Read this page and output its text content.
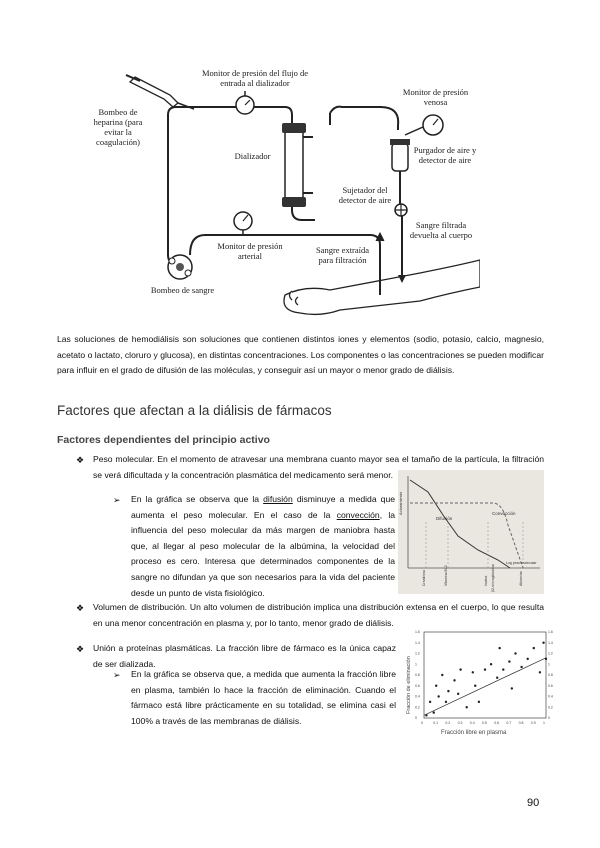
Bombeo de heparina (para evitar la coagulación)
Monitor de presión del flujo de entrada al dializador
Monitor de presión venosa
Dializador
Purgador de aire y detector de aire
Sujetador del detector de aire
Sangre filtrada devuelta al cuerpo
Monitor de presión arterial
Sangre extraída para filtración
Bombeo de sangre

Las soluciones de hemodiálisis son soluciones que contienen distintos iones y elementos (sodio, potasio, calcio, magnesio, acetato o lactato, cloruro y glucosa), en distintas concentraciones. Los componentes o las concentraciones se pueden modificar para influir en el grado de difusión de las moléculas, y conseguir así un mayor o menor grado de diálisis.

Factores que afectan a la diálisis de fármacos
Factores dependientes del principio activo
❖ Peso molecular. En el momento de atravesar una membrana cuanto mayor sea el tamaño de la partícula, la filtración se verá dificultada y la concentración plasmática del medicamento será menor.

➢ En la gráfica se observa que la difusión disminuye a medida que aumenta el peso molecular. En el caso de la convección, la influencia del peso molecular da más margen de maniobra hasta que, al llegar al peso molecular de la albúmina, la velocidad del proceso es cero. Interesa que determinados componentes de la sangre no difundan ya que son necesarios para la vida del paciente desde un punto de vista fisiológico.

Aclaramiento
Difusión
Convección
Log peso molecular
Creatinina	Vitamina B12	Inulina β2-microglobulina	Albúmina
❖ Volumen de distribución. Un alto volumen de distribución implica una distribución extensa en el cuerpo, lo que resulta en una menor concentración en plasma y, por lo tanto, menor grado de diálisis.

❖ Unión a proteínas plasmáticas. La fracción libre de fármaco es la única capaz de ser dializada.

➢ En la gráfica se observa que, a medida que aumenta la fracción libre en plasma, también lo hace la fracción de eliminación. Cuando el fármaco está libre prácticamente en su totalidad, se elimina casi el 100% a través de las membranas de diálisis.	0	0.1 0.2 0.3 0.4 0.5 0.6 0.7 0.8 0.9 1
0	0
0.2	0.2
0.4	0.4
0.6	0.6
0.8	0.8
1	1
1.2	1.2
1.4	1.4
1.6	1.6
Fracción de eliminación
Fracción libre en plasma
90
